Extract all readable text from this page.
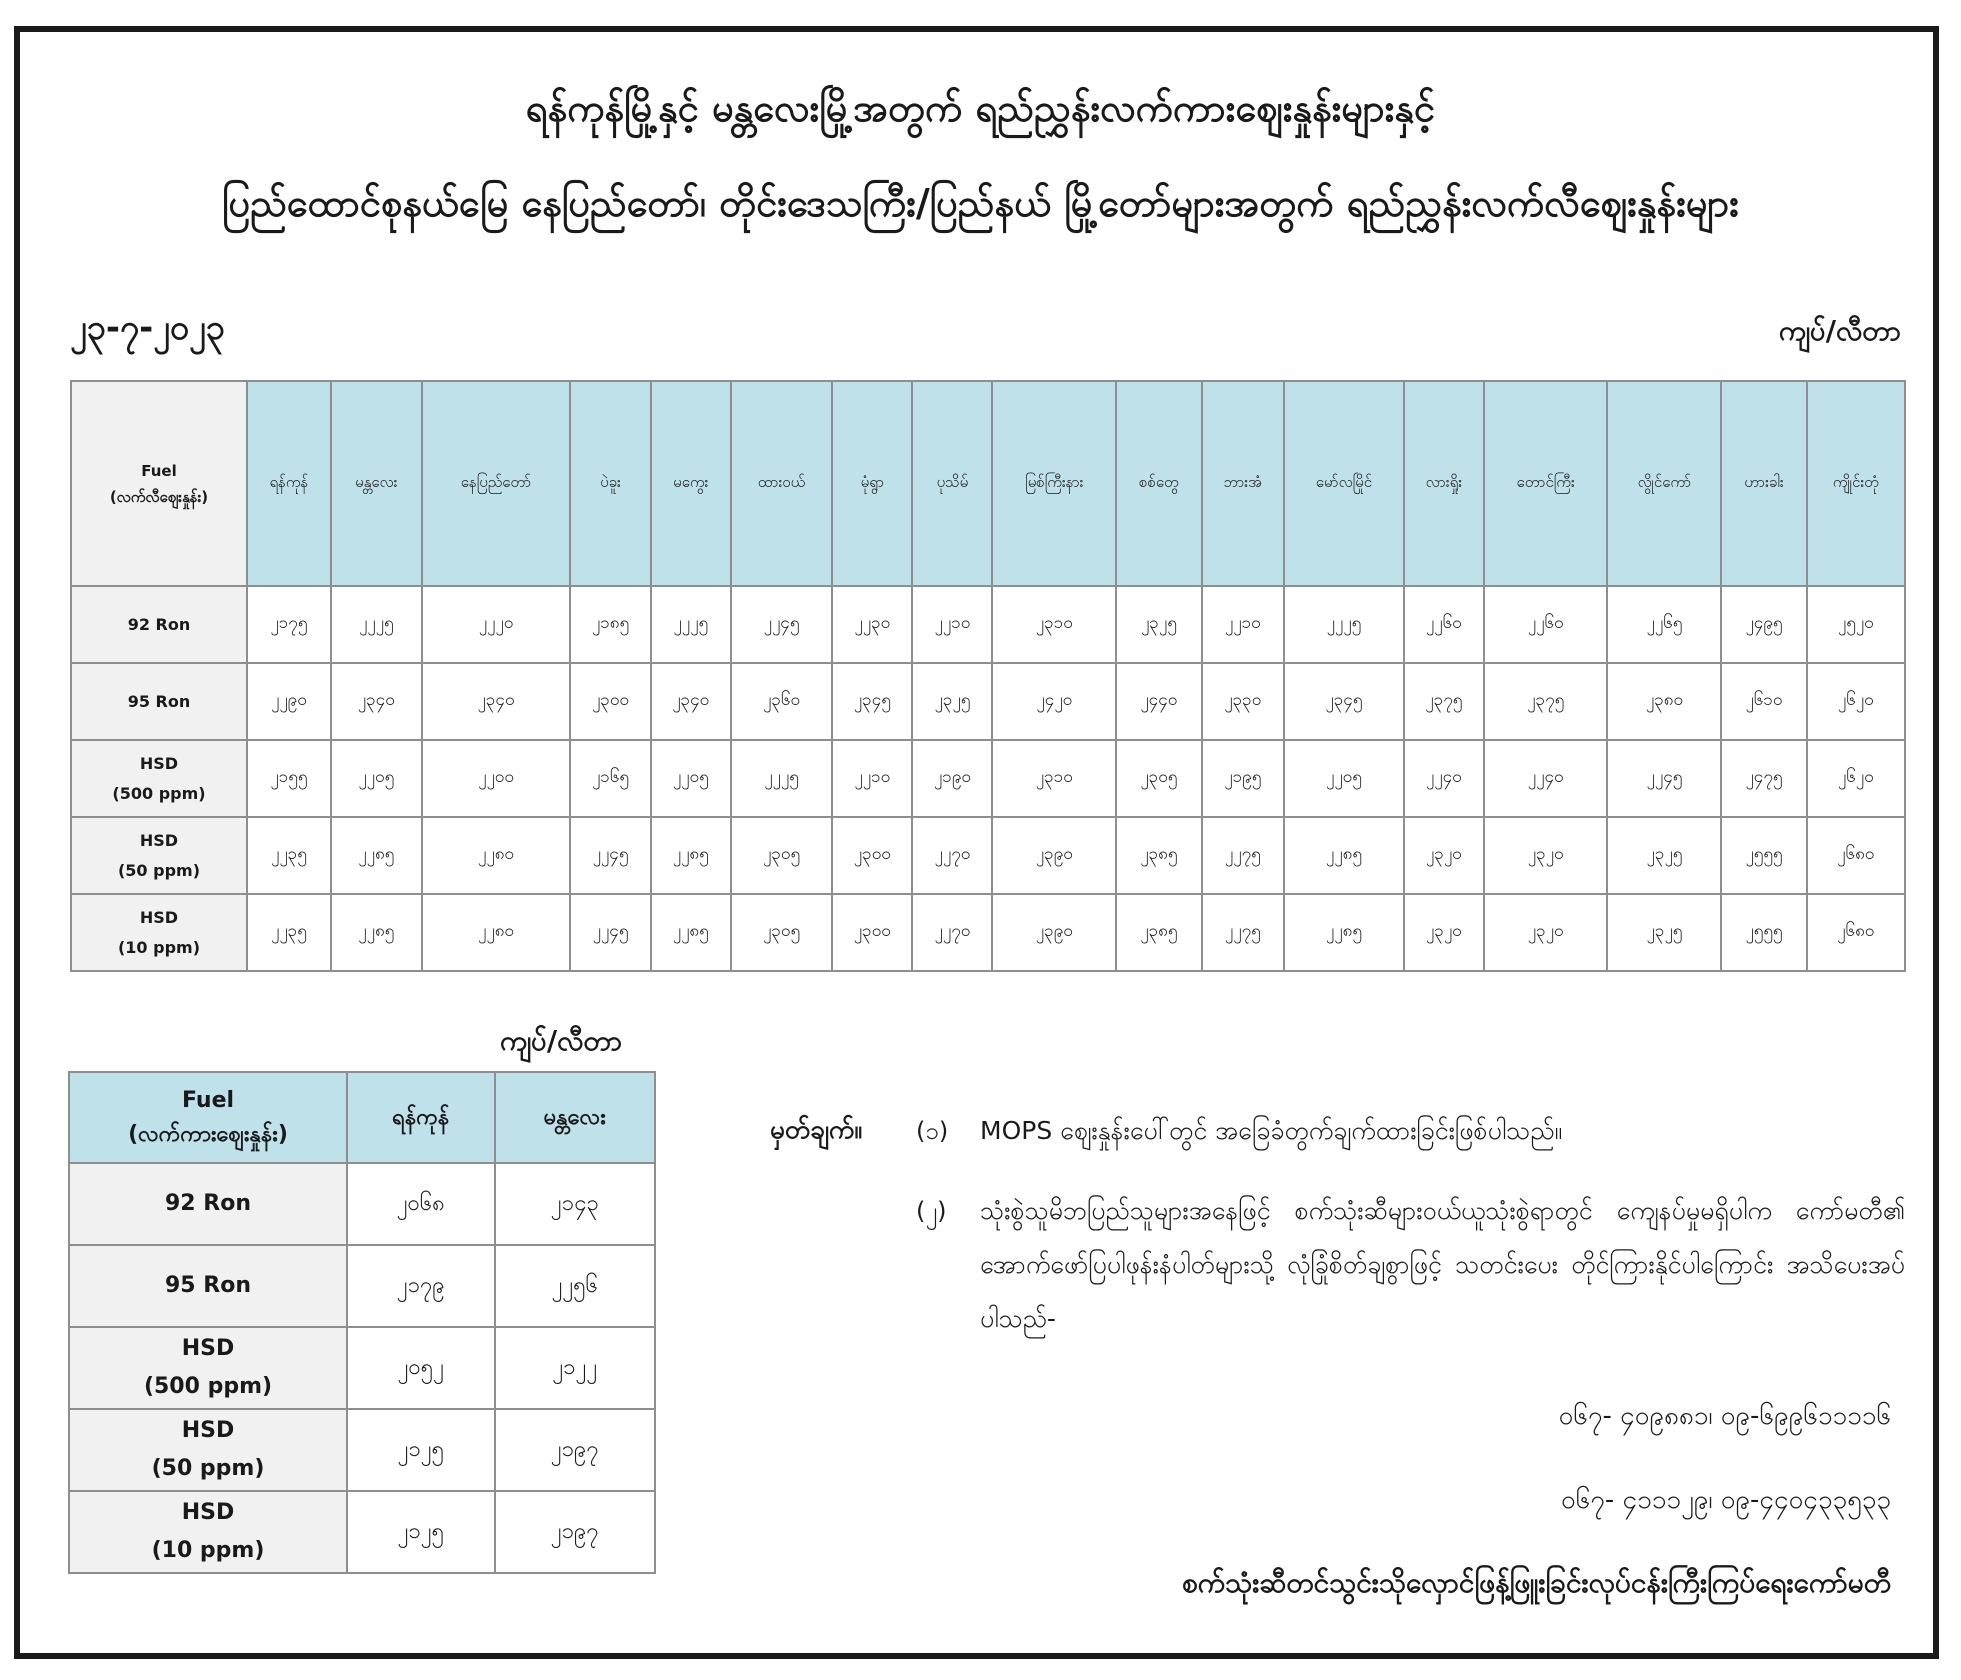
ရန်ကုန်မြို့နှင့် မန္တလေးမြို့အတွက် ရည်ညွှန်းလက်ကားဈေးနှုန်းများနှင့်
ပြည်ထောင်စုနယ်မြေ နေပြည်တော်၊ တိုင်းဒေသကြီး/ပြည်နယ် မြို့တော်များအတွက် ရည်ညွှန်းလက်လီဈေးနှုန်းများ
၂၃-၇-၂၀၂၃	ကျပ်/လီတာ
Fuel
(လက်လီဈေးနှုန်း)	ရန်ကုန်	မန္တလေး	နေပြည်တော်	ပဲခူး	မကွေး	ထားဝယ်	မုံရွာ	ပုသိမ်	မြစ်ကြီးနား	စစ်တွေ	ဘားအံ	မော်လမြိုင်	လားရှိုး	တောင်ကြီး	လွိုင်ကော်	ဟားခါး	ကျိုင်းတုံ

92 Ron	၂၁၇၅	၂၂၂၅	၂၂၂၀	၂၁၈၅	၂၂၂၅	၂၂၄၅	၂၂၃၀	၂၂၁၀	၂၃၁၀	၂၃၂၅	၂၂၁၀	၂၂၂၅	၂၂၆၀	၂၂၆၀	၂၂၆၅	၂၄၉၅	၂၅၂၀

95 Ron	၂၂၉၀	၂၃၄၀	၂၃၄၀	၂၃၀၀	၂၃၄၀	၂၃၆၀	၂၃၄၅	၂၃၂၅	၂၄၂၀	၂၄၄၀	၂၃၃၀	၂၃၄၅	၂၃၇၅	၂၃၇၅	၂၃၈၀	၂၆၁၀	၂၆၂၀

HSD
(500 ppm)	၂၁၅၅	၂၂၀၅	၂၂၀၀	၂၁၆၅	၂၂၀၅	၂၂၂၅	၂၂၁၀	၂၁၉၀	၂၃၁၀	၂၃၀၅	၂၁၉၅	၂၂၀၅	၂၂၄၀	၂၂၄၀	၂၂၄၅	၂၄၇၅	၂၆၂၀

HSD
(50 ppm)	၂၂၃၅	၂၂၈၅	၂၂၈၀	၂၂၄၅	၂၂၈၅	၂၃၀၅	၂၃၀၀	၂၂၇၀	၂၃၉၀	၂၃၈၅	၂၂၇၅	၂၂၈၅	၂၃၂၀	၂၃၂၀	၂၃၂၅	၂၅၅၅	၂၆၈၀

HSD
(10 ppm)	၂၂၃၅	၂၂၈၅	၂၂၈၀	၂၂၄၅	၂၂၈၅	၂၃၀၅	၂၃၀၀	၂၂၇၀	၂၃၉၀	၂၃၈၅	၂၂၇၅	၂၂၈၅	၂၃၂၀	၂၃၂၀	၂၃၂၅	၂၅၅၅	၂၆၈၀
ကျပ်/လီတာ
Fuel
(လက်ကားဈေးနှုန်း)	ရန်ကုန်	မန္တလေး

92 Ron	၂၀၆၈	၂၁၄၃

95 Ron	၂၁၇၉	၂၂၅၆

HSD
(500 ppm)	၂၀၅၂	၂၁၂၂

HSD
(50 ppm)	၂၁၂၅	၂၁၉၇

HSD
(10 ppm)	၂၁၂၅	၂၁၉၇
မှတ်ချက်။ (၁)	MOPS ဈေးနှုန်းပေါ်တွင် အခြေခံတွက်ချက်ထားခြင်းဖြစ်ပါသည်။
(၂)	သုံးစွဲသူမိဘပြည်သူများအနေဖြင့် စက်သုံးဆီများဝယ်ယူသုံးစွဲရာတွင် ကျေနပ်မှုမရှိပါက ကော်မတီ၏ အောက်ဖော်ပြပါဖုန်းနံပါတ်များသို့ လုံခြုံစိတ်ချစွာဖြင့် သတင်းပေး တိုင်ကြားနိုင်ပါကြောင်း အသိပေးအပ်ပါသည်-
၀၆၇- ၄၀၉၈၈၁၊ ၀၉-၆၉၉၆၁၁၁၁၆
၀၆၇- ၄၁၁၁၂၉၊ ၀၉-၄၄၀၄၃၃၅၃၃
စက်သုံးဆီတင်သွင်းသိုလှောင်ဖြန့်ဖြူးခြင်းလုပ်ငန်းကြီးကြပ်ရေးကော်မတီ
